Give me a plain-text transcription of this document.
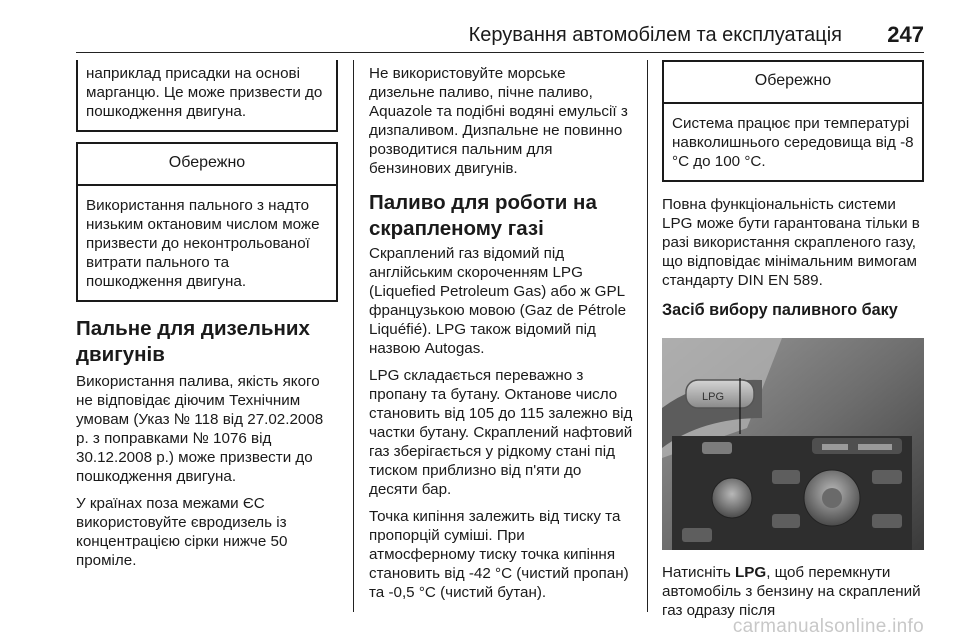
Керування автомобілем та експлуатація 247
наприклад присадки на основі марганцю. Це може призвести до пошкодження двигуна.
Обережно
Використання пального з надто низьким октановим числом може призвести до неконтрольованої витрати пального та пошкодження двигуна.
Пальне для дизельних двигунів

Використання палива, якість якого не відповідає діючим Технічним умовам (Указ № 118 від 27.02.2008 р. з поправками № 1076 від 30.12.2008 р.) може призвести до пошкодження двигуна.

У країнах поза межами ЄС використовуйте євродизель із концентрацією сірки нижче 50 проміле.

Не використовуйте морське дизельне паливо, пічне паливо, Aquazole та подібні водяні емульсії з дизпаливом. Дизпальне не повинно розводитися пальним для бензинових двигунів.

Паливо для роботи на скрапленому газі

Скраплений газ відомий під англійським скороченням LPG (Liquefied Petroleum Gas) або ж GPL французькою мовою (Gaz de Pétrole Liquéfié). LPG також відомий під назвою Autogas.

LPG складається переважно з пропану та бутану. Октанове число становить від 105 до 115 залежно від частки бутану. Скраплений нафтовий газ зберігається у рідкому стані під тиском приблизно від п'яти до десяти бар.

Точка кипіння залежить від тиску та пропорцій суміші. При атмосферному тиску точка кипіння становить від -42 °C (чистий пропан) та -0,5 °C (чистий бутан).

Обережно
Система працює при температурі навколишнього середовища від -8 °C до 100 °C.

Повна функціональність системи LPG може бути гарантована тільки в разі використання скрапленого газу, що відповідає мінімальним вимогам стандарту DIN EN 589.

Засіб вибору паливного баку
LPG

Натисніть LPG, щоб перемкнути автомобіль з бензину на скраплений газ одразу після

carmanualsonline.info
